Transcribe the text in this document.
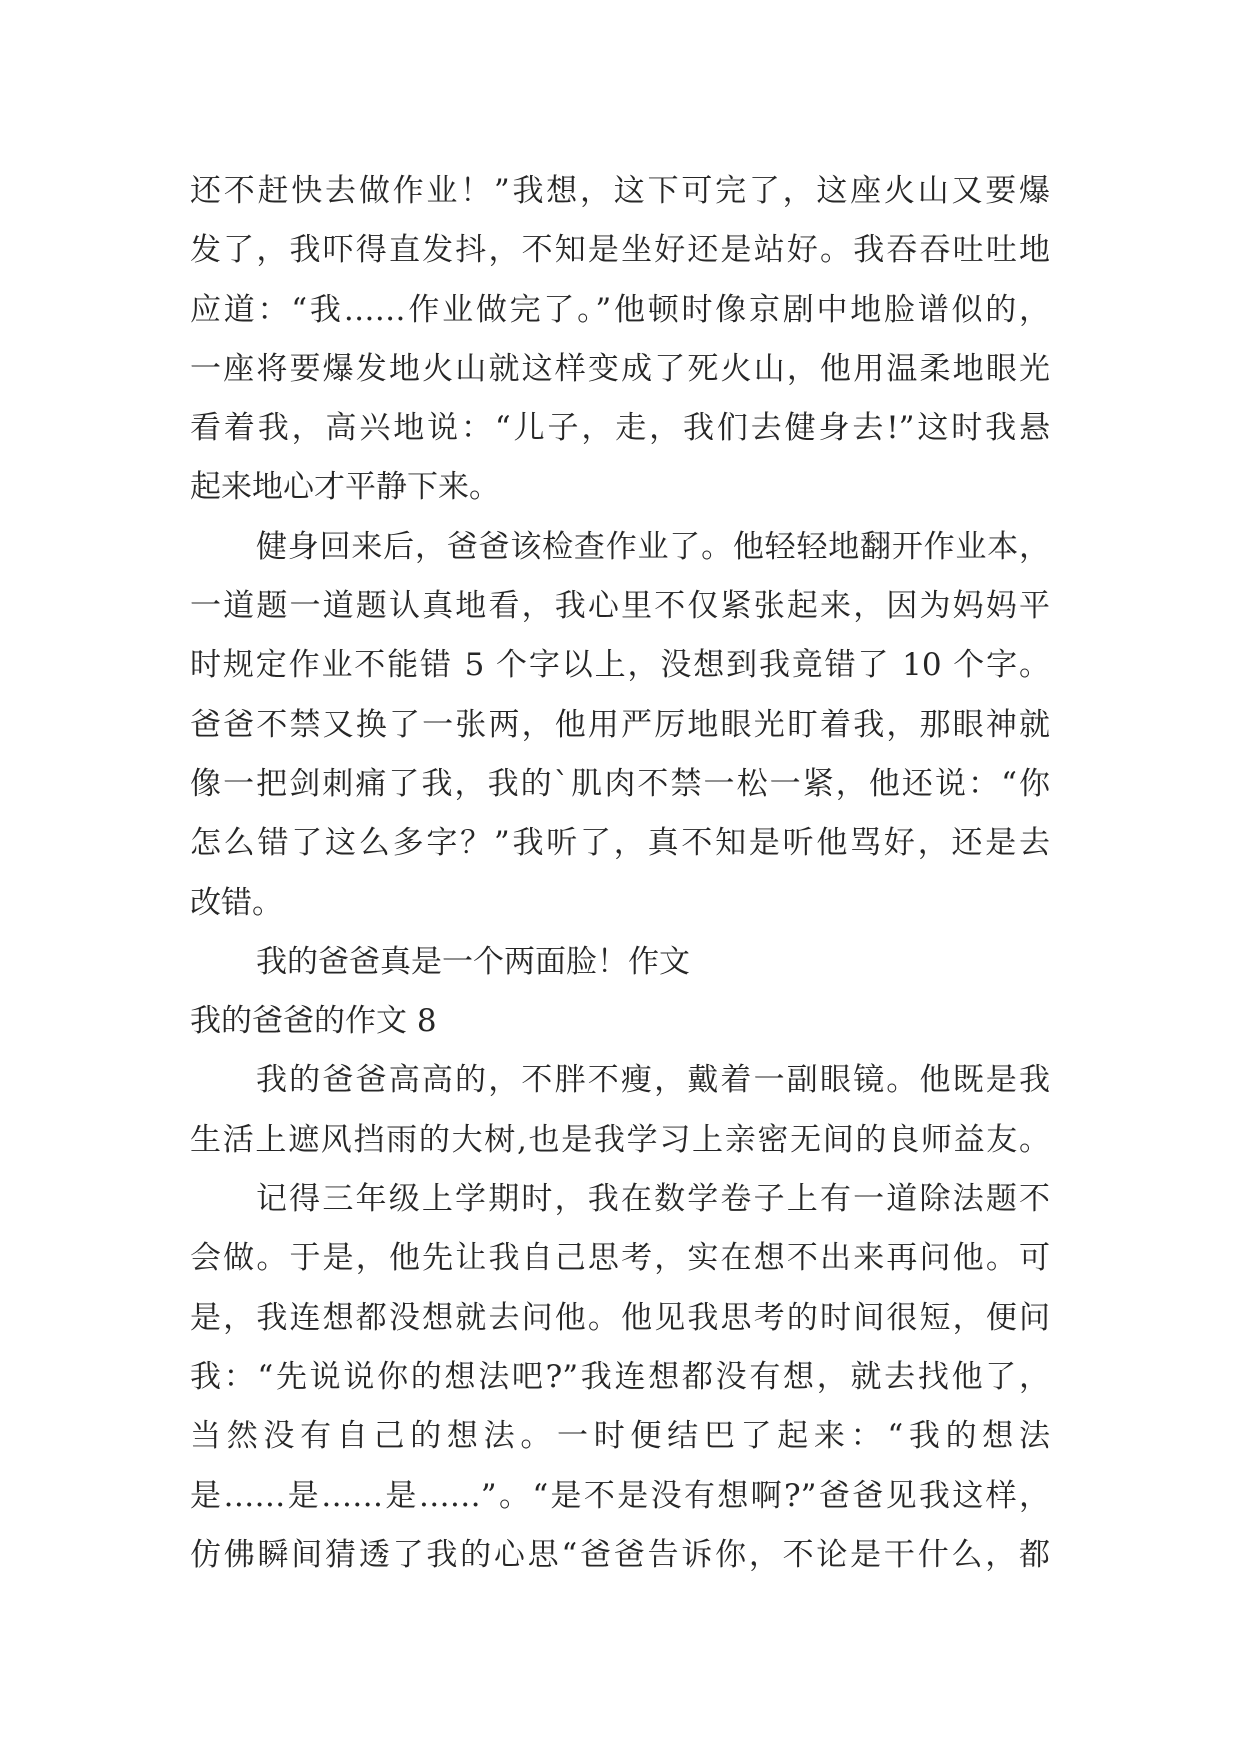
还不赶快去做作业！”我想，这下可完了，这座火山又要爆
发了，我吓得直发抖，不知是坐好还是站好。我吞吞吐吐地
应道：“我……作业做完了。”他顿时像京剧中地脸谱似的，
一座将要爆发地火山就这样变成了死火山，他用温柔地眼光
看着我，高兴地说：“儿子，走，我们去健身去!”这时我悬
起来地心才平静下来。
健身回来后，爸爸该检查作业了。他轻轻地翻开作业本，
一道题一道题认真地看，我心里不仅紧张起来，因为妈妈平
时规定作业不能错 5 个字以上，没想到我竟错了 10 个字。
爸爸不禁又换了一张两，他用严厉地眼光盯着我，那眼神就
像一把剑刺痛了我，我的`肌肉不禁一松一紧，他还说：“你
怎么错了这么多字？”我听了，真不知是听他骂好，还是去
改错。
我的爸爸真是一个两面脸！作文
我的爸爸的作文 8
我的爸爸高高的，不胖不瘦，戴着一副眼镜。他既是我
生活上遮风挡雨的大树,也是我学习上亲密无间的良师益友。
记得三年级上学期时，我在数学卷子上有一道除法题不
会做。于是，他先让我自己思考，实在想不出来再问他。可
是，我连想都没想就去问他。他见我思考的时间很短，便问
我：“先说说你的想法吧?”我连想都没有想，就去找他了，
当然没有自己的想法。一时便结巴了起来：“我的想法
是……是……是……”。“是不是没有想啊?”爸爸见我这样，
仿佛瞬间猜透了我的心思“爸爸告诉你，不论是干什么，都
